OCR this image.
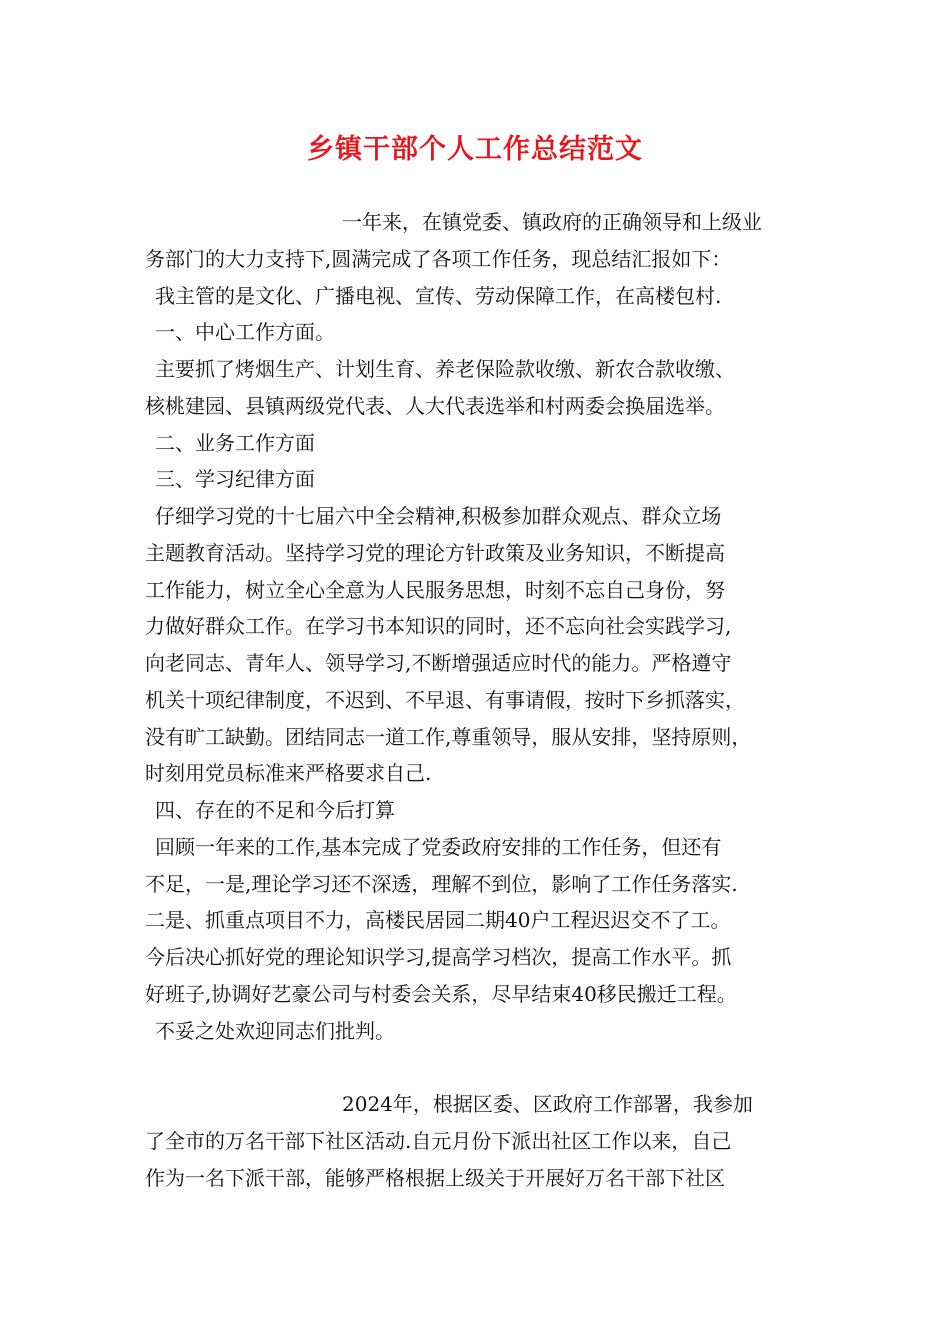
乡镇干部个人工作总结范文
一年来，在镇党委、镇政府的正确领导和上级业
务部门的大力支持下,圆满完成了各项工作任务，现总结汇报如下：
我主管的是文化、广播电视、宣传、劳动保障工作，在高楼包村.
一、中心工作方面。
主要抓了烤烟生产、计划生育、养老保险款收缴、新农合款收缴、
核桃建园、县镇两级党代表、人大代表选举和村两委会换届选举。
二、业务工作方面
三、学习纪律方面
仔细学习党的十七届六中全会精神,积极参加群众观点、群众立场
主题教育活动。坚持学习党的理论方针政策及业务知识，不断提高
工作能力，树立全心全意为人民服务思想，时刻不忘自己身份，努
力做好群众工作。在学习书本知识的同时，还不忘向社会实践学习,
向老同志、青年人、领导学习,不断增强适应时代的能力。严格遵守
机关十项纪律制度，不迟到、不早退、有事请假，按时下乡抓落实，
没有旷工缺勤。团结同志一道工作,尊重领导，服从安排，坚持原则，
时刻用党员标准来严格要求自己.
四、存在的不足和今后打算
回顾一年来的工作,基本完成了党委政府安排的工作任务，但还有
不足，一是,理论学习还不深透，理解不到位，影响了工作任务落实.
二是、抓重点项目不力，高楼民居园二期40户工程迟迟交不了工。
今后决心抓好党的理论知识学习,提高学习档次，提高工作水平。抓
好班子,协调好艺豪公司与村委会关系，尽早结束40移民搬迁工程。
不妥之处欢迎同志们批判。
2024年，根据区委、区政府工作部署，我参加
了全市的万名干部下社区活动.自元月份下派出社区工作以来，自己
作为一名下派干部，能够严格根据上级关于开展好万名干部下社区
